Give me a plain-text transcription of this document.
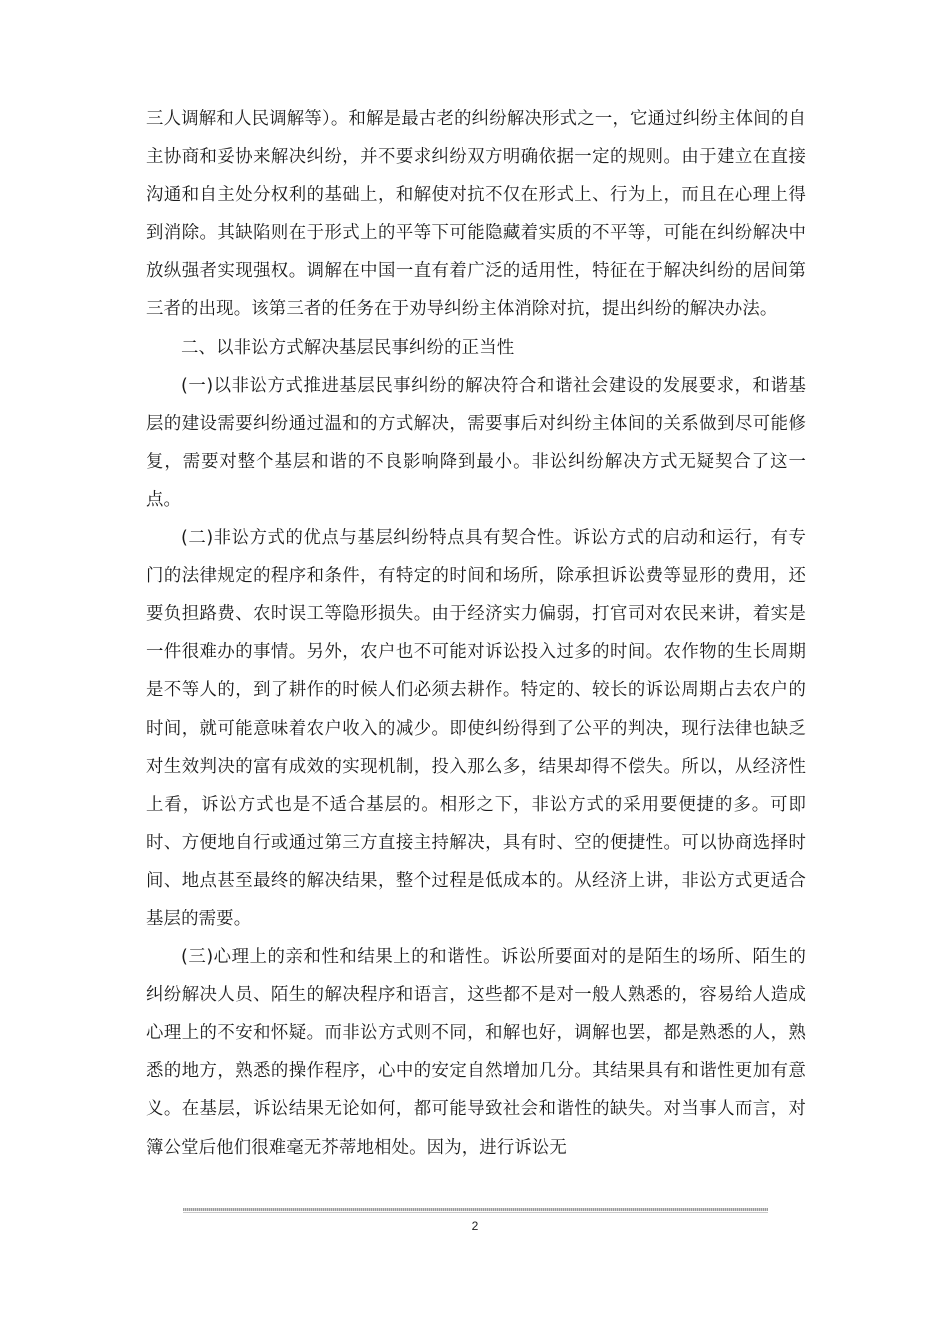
三人调解和人民调解等）。和解是最古老的纠纷解决形式之一，它通过纠纷主体间的自主协商和妥协来解决纠纷，并不要求纠纷双方明确依据一定的规则。由于建立在直接沟通和自主处分权利的基础上，和解使对抗不仅在形式上、行为上，而且在心理上得到消除。其缺陷则在于形式上的平等下可能隐藏着实质的不平等，可能在纠纷解决中放纵强者实现强权。调解在中国一直有着广泛的适用性，特征在于解决纠纷的居间第三者的出现。该第三者的任务在于劝导纠纷主体消除对抗，提出纠纷的解决办法。

二、以非讼方式解决基层民事纠纷的正当性

(一)以非讼方式推进基层民事纠纷的解决符合和谐社会建设的发展要求，和谐基层的建设需要纠纷通过温和的方式解决，需要事后对纠纷主体间的关系做到尽可能修复，需要对整个基层和谐的不良影响降到最小。非讼纠纷解决方式无疑契合了这一点。

(二)非讼方式的优点与基层纠纷特点具有契合性。诉讼方式的启动和运行，有专门的法律规定的程序和条件，有特定的时间和场所，除承担诉讼费等显形的费用，还要负担路费、农时误工等隐形损失。由于经济实力偏弱，打官司对农民来讲，着实是一件很难办的事情。另外，农户也不可能对诉讼投入过多的时间。农作物的生长周期是不等人的，到了耕作的时候人们必须去耕作。特定的、较长的诉讼周期占去农户的时间，就可能意味着农户收入的减少。即使纠纷得到了公平的判决，现行法律也缺乏对生效判决的富有成效的实现机制，投入那么多，结果却得不偿失。所以，从经济性上看，诉讼方式也是不适合基层的。相形之下，非讼方式的采用要便捷的多。可即时、方便地自行或通过第三方直接主持解决，具有时、空的便捷性。可以协商选择时间、地点甚至最终的解决结果，整个过程是低成本的。从经济上讲，非讼方式更适合基层的需要。

(三)心理上的亲和性和结果上的和谐性。诉讼所要面对的是陌生的场所、陌生的纠纷解决人员、陌生的解决程序和语言，这些都不是对一般人熟悉的，容易给人造成心理上的不安和怀疑。而非讼方式则不同，和解也好，调解也罢，都是熟悉的人，熟悉的地方，熟悉的操作程序，心中的安定自然增加几分。其结果具有和谐性更加有意义。在基层，诉讼结果无论如何，都可能导致社会和谐性的缺失。对当事人而言，对簿公堂后他们很难毫无芥蒂地相处。因为，进行诉讼无

2
